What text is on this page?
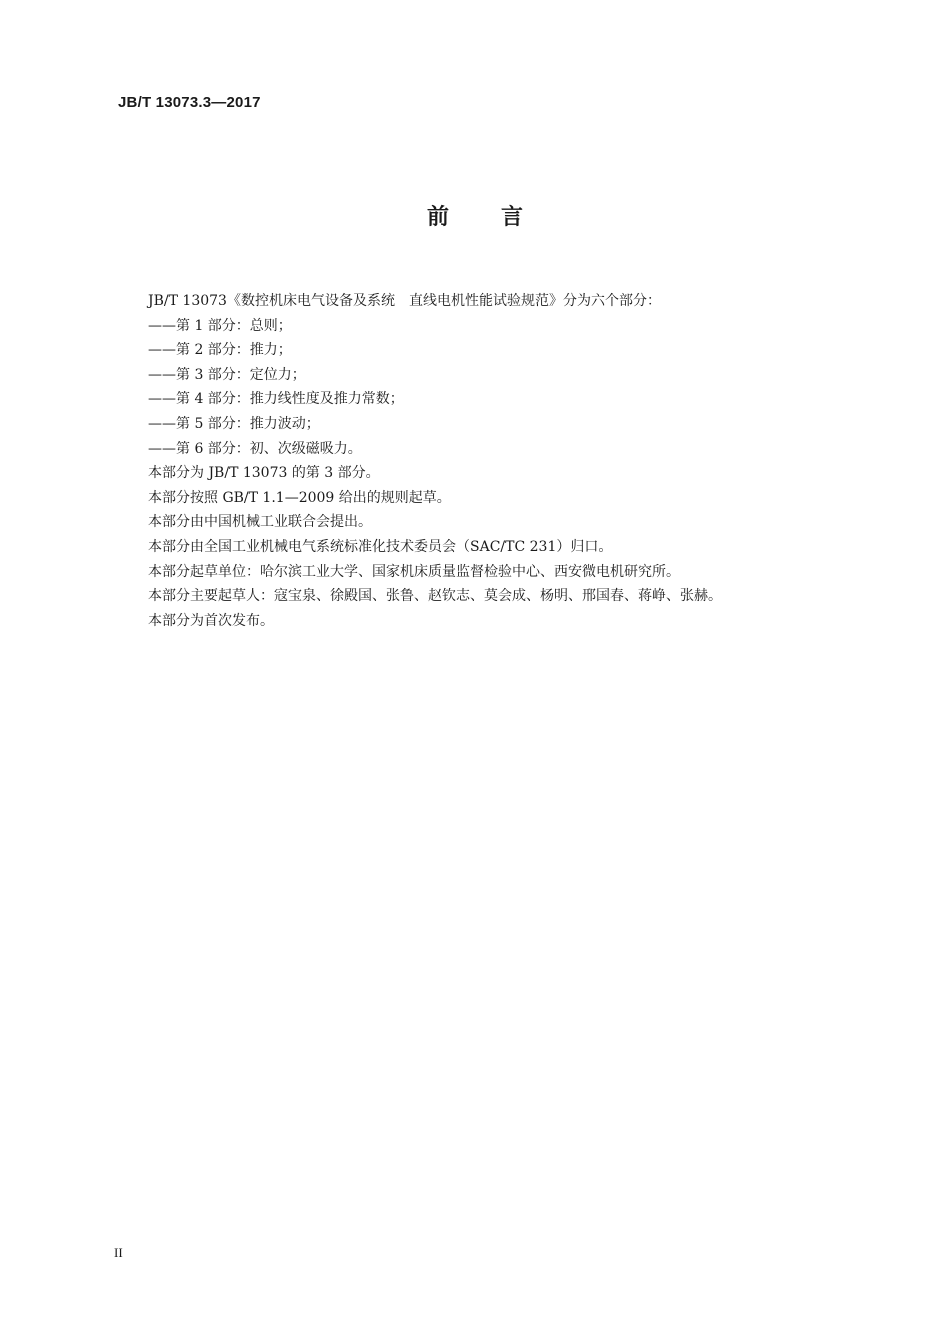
JB/T 13073.3—2017
前 言
JB/T 13073《数控机床电气设备及系统　直线电机性能试验规范》分为六个部分：
——第 1 部分：总则；
——第 2 部分：推力；
——第 3 部分：定位力；
——第 4 部分：推力线性度及推力常数；
——第 5 部分：推力波动；
——第 6 部分：初、次级磁吸力。
本部分为 JB/T 13073 的第 3 部分。
本部分按照 GB/T 1.1—2009 给出的规则起草。
本部分由中国机械工业联合会提出。
本部分由全国工业机械电气系统标准化技术委员会（SAC/TC 231）归口。
本部分起草单位：哈尔滨工业大学、国家机床质量监督检验中心、西安微电机研究所。
本部分主要起草人：寇宝泉、徐殿国、张鲁、赵钦志、莫会成、杨明、邢国春、蒋峥、张赫。
本部分为首次发布。
II
